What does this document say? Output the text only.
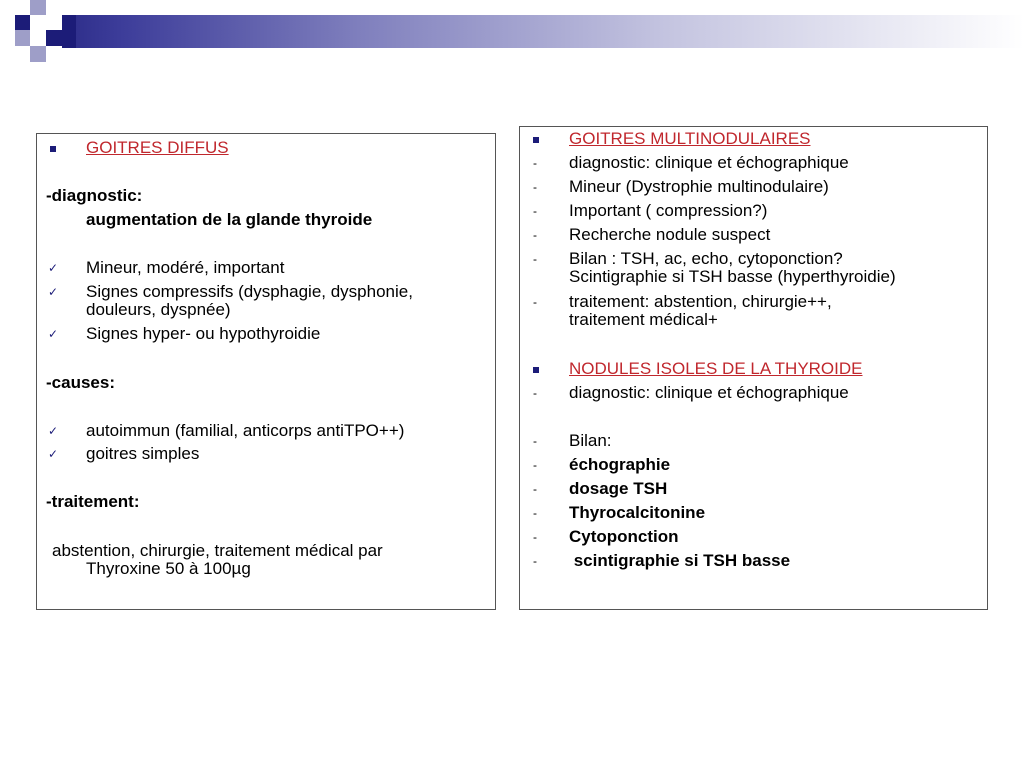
GOITRES DIFFUS
-diagnostic:
augmentation de la glande thyroide
✓ Mineur, modéré, important
✓ Signes compressifs (dysphagie, dysphonie,
douleurs, dyspnée)
✓ Signes hyper- ou hypothyroidie
-causes:
✓ autoimmun (familial, anticorps antiTPO++)
✓ goitres simples
-traitement:
abstention, chirurgie, traitement médical par
Thyroxine 50 à 100µg
GOITRES MULTINODULAIRES
- diagnostic: clinique et échographique
- Mineur (Dystrophie multinodulaire)
- Important ( compression?)
- Recherche nodule suspect
- Bilan : TSH, ac, echo, cytoponction?
Scintigraphie si TSH basse (hyperthyroidie)
- traitement: abstention, chirurgie++,
traitement médical+
NODULES ISOLES DE LA THYROIDE
- diagnostic: clinique et échographique
- Bilan:
- échographie
- dosage TSH
- Thyrocalcitonine
- Cytoponction
- scintigraphie si TSH basse
